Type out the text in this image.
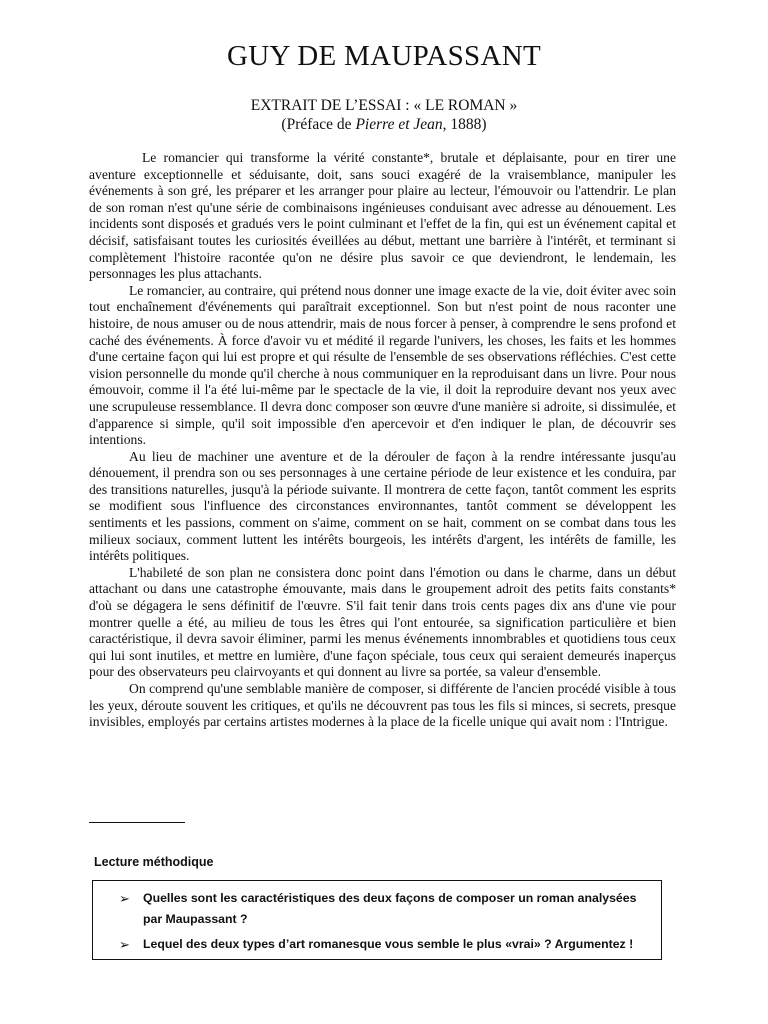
GUY DE MAUPASSANT
EXTRAIT DE L’ESSAI : « LE ROMAN »
(Préface de Pierre et Jean, 1888)

Le romancier qui transforme la vérité constante*, brutale et déplaisante, pour en tirer une aventure exceptionnelle et séduisante, doit, sans souci exagéré de la vraisemblance, manipuler les événements à son gré, les préparer et les arranger pour plaire au lecteur, l'émouvoir ou l'attendrir. Le plan de son roman n'est qu'une série de combinaisons ingénieuses conduisant avec adresse au dénouement. Les incidents sont disposés et gradués vers le point culminant et l'effet de la fin, qui est un événement capital et décisif, satisfaisant toutes les curiosités éveillées au début, mettant une barrière à l'intérêt, et terminant si complètement l'histoire racontée qu'on ne désire plus savoir ce que deviendront, le lendemain, les personnages les plus attachants.

Le romancier, au contraire, qui prétend nous donner une image exacte de la vie, doit éviter avec soin tout enchaînement d'événements qui paraîtrait exceptionnel. Son but n'est point de nous raconter une histoire, de nous amuser ou de nous attendrir, mais de nous forcer à penser, à comprendre le sens profond et caché des événements. À force d'avoir vu et médité il regarde l'univers, les choses, les faits et les hommes d'une certaine façon qui lui est propre et qui résulte de l'ensemble de ses observations réfléchies. C'est cette vision personnelle du monde qu'il cherche à nous communiquer en la reproduisant dans un livre. Pour nous émouvoir, comme il l'a été lui-même par le spectacle de la vie, il doit la reproduire devant nos yeux avec une scrupuleuse ressemblance. Il devra donc composer son œuvre d'une manière si adroite, si dissimulée, et d'apparence si simple, qu'il soit impossible d'en apercevoir et d'en indiquer le plan, de découvrir ses intentions.

Au lieu de machiner une aventure et de la dérouler de façon à la rendre intéressante jusqu'au dénouement, il prendra son ou ses personnages à une certaine période de leur existence et les conduira, par des transitions naturelles, jusqu'à la période suivante. Il montrera de cette façon, tantôt comment les esprits se modifient sous l'influence des circonstances environnantes, tantôt comment se développent les sentiments et les passions, comment on s'aime, comment on se hait, comment on se combat dans tous les milieux sociaux, comment luttent les intérêts bourgeois, les intérêts d'argent, les intérêts de famille, les intérêts politiques.

L'habileté de son plan ne consistera donc point dans l'émotion ou dans le charme, dans un début attachant ou dans une catastrophe émouvante, mais dans le groupement adroit des petits faits constants* d'où se dégagera le sens définitif de l'œuvre. S'il fait tenir dans trois cents pages dix ans d'une vie pour montrer quelle a été, au milieu de tous les êtres qui l'ont entourée, sa signification particulière et bien caractéristique, il devra savoir éliminer, parmi les menus événements innombrables et quotidiens tous ceux qui lui sont inutiles, et mettre en lumière, d'une façon spéciale, tous ceux qui seraient demeurés inaperçus pour des observateurs peu clairvoyants et qui donnent au livre sa portée, sa valeur d'ensemble.

On comprend qu'une semblable manière de composer, si différente de l'ancien procédé visible à tous les yeux, déroute souvent les critiques, et qu'ils ne découvrent pas tous les fils si minces, si secrets, presque invisibles, employés par certains artistes modernes à la place de la ficelle unique qui avait nom : l'Intrigue.

Lecture méthodique
➢ Quelles sont les caractéristiques des deux façons de composer un roman analysées par Maupassant ?
➢ Lequel des deux types d’art romanesque vous semble le plus «vrai» ? Argumentez !
